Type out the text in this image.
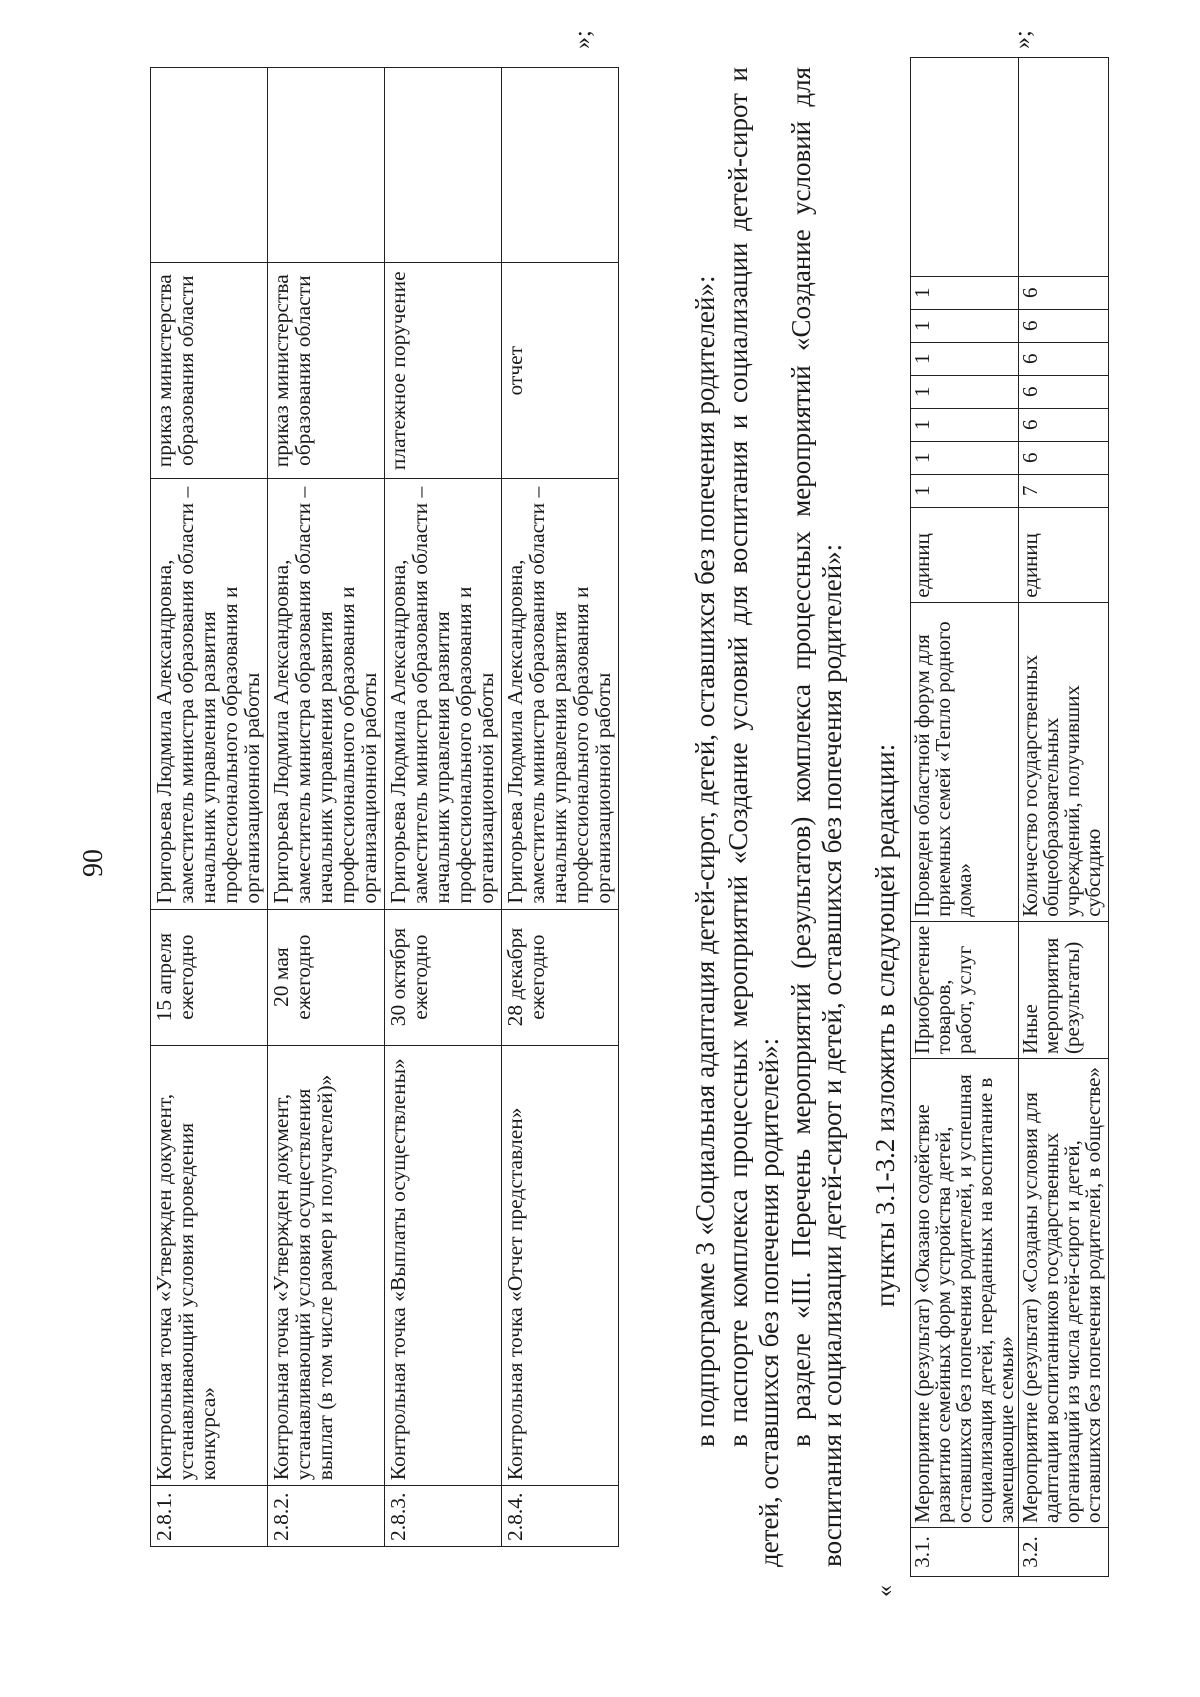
90
2.8.1.	Контрольная точка «Утвержден документ, устанавливающий условия проведения конкурса»	15 апреля ежегодно	Григорьева Людмила Александровна, заместитель министра образования области – начальник управления развития профессионального образования и организационной работы	приказ министерства образования области	
2.8.2.	Контрольная точка «Утвержден документ, устанавливающий условия осуществления выплат (в том числе размер и получателей)»	20 мая ежегодно	Григорьева Людмила Александровна, заместитель министра образования области – начальник управления развития профессионального образования и организационной работы	приказ министерства образования области	
2.8.3.	Контрольная точка «Выплаты осуществлены»	30 октября ежегодно	Григорьева Людмила Александровна, заместитель министра образования области – начальник управления развития профессионального образования и организационной работы	платежное поручение	
2.8.4.	Контрольная точка «Отчет представлен»	28 декабря ежегодно	Григорьева Людмила Александровна, заместитель министра образования области – начальник управления развития профессионального образования и организационной работы	отчет	
»;
в подпрограмме 3 «Социальная адаптация детей-сирот, детей, оставшихся без попечения родителей»: в паспорте комплекса процессных мероприятий «Создание условий для воспитания и социализации детей-сирот и детей, оставшихся без попечения родителей»: в разделе «III. Перечень мероприятий (результатов) комплекса процессных мероприятий «Создание условий для воспитания и социализации детей-сирот и детей, оставшихся без попечения родителей»: пункты 3.1-3.2 изложить в следующей редакции:
«
3.1.	Мероприятие (результат) «Оказано содействие развитию семейных форм устройства детей, оставшихся без попечения родителей, и успешная социализация детей, переданных на воспитание в замещающие семьи»	Приобретение товаров, работ, услуг	Проведен областной форум для приемных семей «Тепло родного дома»	единиц	1	1	1	1	1	1	1	
3.2.	Мероприятие (результат) «Созданы условия для адаптации воспитанников государственных организаций из числа детей-сирот и детей, оставшихся без попечения родителей, в обществе»	Иные мероприятия (результаты)	Количество государственных общеобразовательных учреждений, получивших субсидию	единиц	7	6	6	6	6	6	6	
»;
